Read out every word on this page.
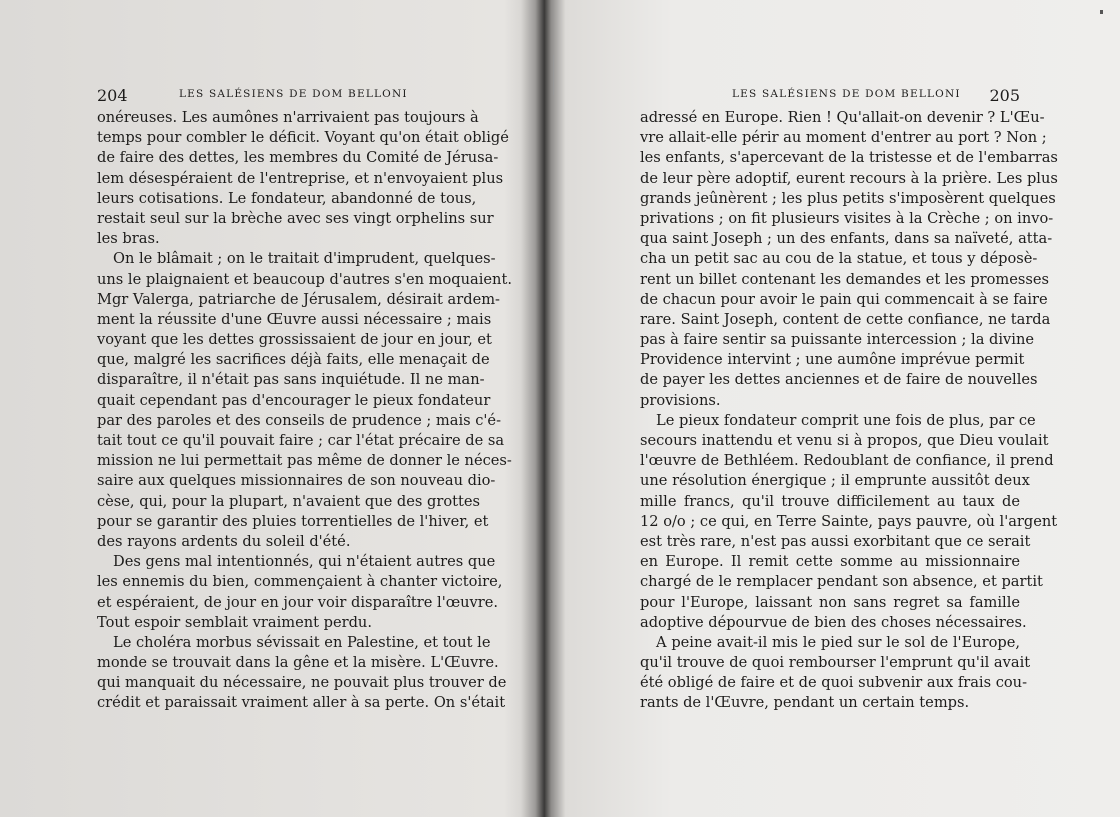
204	LES SALÉSIENS DE DOM BELLONI
onéreuses. Les aumônes n'arrivaient pas toujours à
temps pour combler le déficit. Voyant qu'on était obligé
de faire des dettes, les membres du Comité de Jérusa-
lem désespéraient de l'entreprise, et n'envoyaient plus
leurs cotisations. Le fondateur, abandonné de tous,
restait seul sur la brèche avec ses vingt orphelins sur
les bras.
On le blâmait ; on le traitait d'imprudent, quelques-
uns le plaignaient et beaucoup d'autres s'en moquaient.
Mgr Valerga, patriarche de Jérusalem, désirait ardem-
ment la réussite d'une Œuvre aussi nécessaire ; mais
voyant que les dettes grossissaient de jour en jour, et
que, malgré les sacrifices déjà faits, elle menaçait de
disparaître, il n'était pas sans inquiétude. Il ne man-
quait cependant pas d'encourager le pieux fondateur
par des paroles et des conseils de prudence ; mais c'é-
tait tout ce qu'il pouvait faire ; car l'état précaire de sa
mission ne lui permettait pas même de donner le néces-
saire aux quelques missionnaires de son nouveau dio-
cèse, qui, pour la plupart, n'avaient que des grottes
pour se garantir des pluies torrentielles de l'hiver, et
des rayons ardents du soleil d'été.
Des gens mal intentionnés, qui n'étaient autres que
les ennemis du bien, commençaient à chanter victoire,
et espéraient, de jour en jour voir disparaître l'œuvre.
Tout espoir semblait vraiment perdu.
Le choléra morbus sévissait en Palestine, et tout le
monde se trouvait dans la gêne et la misère. L'Œuvre.
qui manquait du nécessaire, ne pouvait plus trouver de
crédit et paraissait vraiment aller à sa perte. On s'était
LES SALÉSIENS DE DOM BELLONI 205
adressé en Europe. Rien ! Qu'allait-on devenir ? L'Œu-
vre allait-elle périr au moment d'entrer au port ? Non ;
les enfants, s'apercevant de la tristesse et de l'embarras
de leur père adoptif, eurent recours à la prière. Les plus
grands jeûnèrent ; les plus petits s'imposèrent quelques
privations ; on fit plusieurs visites à la Crèche ; on invo-
qua saint Joseph ; un des enfants, dans sa naïveté, atta-
cha un petit sac au cou de la statue, et tous y déposè-
rent un billet contenant les demandes et les promesses
de chacun pour avoir le pain qui commencait à se faire
rare. Saint Joseph, content de cette confiance, ne tarda
pas à faire sentir sa puissante intercession ; la divine
Providence intervint ; une aumône imprévue permit
de payer les dettes anciennes et de faire de nouvelles
provisions.
Le pieux fondateur comprit une fois de plus, par ce
secours inattendu et venu si à propos, que Dieu voulait
l'œuvre de Bethléem. Redoublant de confiance, il prend
une résolution énergique ; il emprunte aussitôt deux
mille francs, qu'il trouve difficilement au taux de
12 o/o ; ce qui, en Terre Sainte, pays pauvre, où l'argent
est très rare, n'est pas aussi exorbitant que ce serait
en Europe. Il remit cette somme au missionnaire
chargé de le remplacer pendant son absence, et partit
pour l'Europe, laissant non sans regret sa famille
adoptive dépourvue de bien des choses nécessaires.
A peine avait-il mis le pied sur le sol de l'Europe,
qu'il trouve de quoi rembourser l'emprunt qu'il avait
été obligé de faire et de quoi subvenir aux frais cou-
rants de l'Œuvre, pendant un certain temps.
